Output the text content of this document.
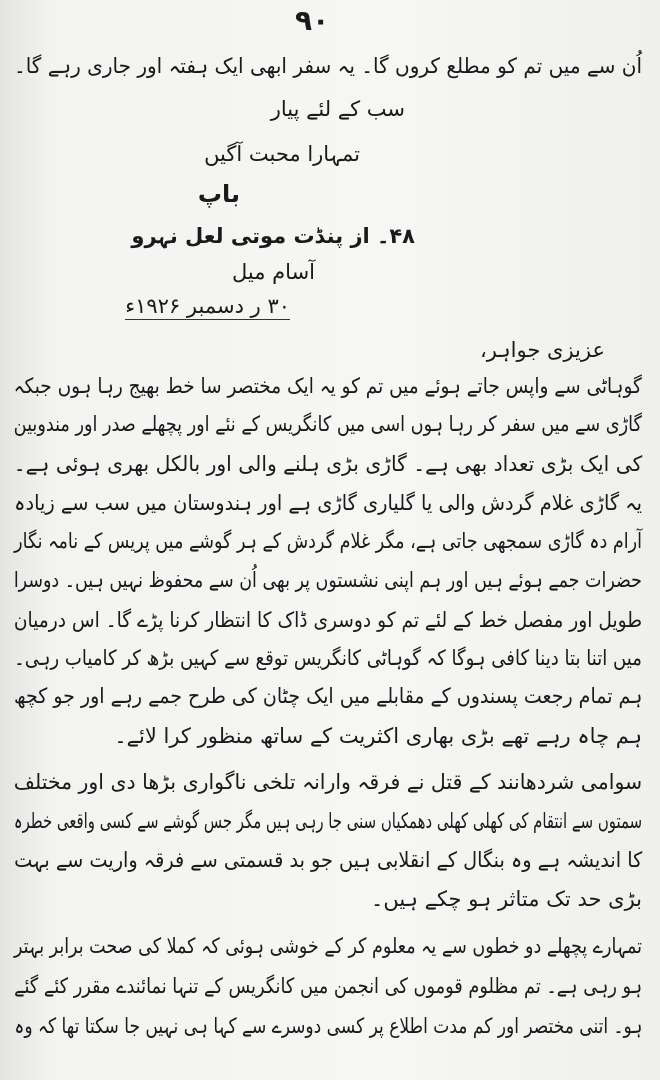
۹۰
اُن سے میں تم کو مطلع کروں گا۔ یہ سفر ابھی ایک ہفتہ اور جاری رہے گا۔
سب کے لئے پیار
تمہارا محبت آگیں
باپ
۴۸۔ از پنڈت موتی لعل نہرو
آسام میل
۳۰ ر دسمبر ۱۹۲۶ء
عزیزی جواہر،
گوہاٹی سے واپس جاتے ہوئے میں تم کو یہ ایک مختصر سا خط بھیج رہا ہوں جبکہ
گاڑی سے میں سفر کر رہا ہوں اسی میں کانگریس کے نئے اور پچھلے صدر اور مندوبین
کی ایک بڑی تعداد بھی ہے۔ گاڑی بڑی ہلنے والی اور بالکل بھری ہوئی ہے۔
یہ گاڑی غلام گردش والی یا گلیاری گاڑی ہے اور ہندوستان میں سب سے زیادہ
آرام دہ گاڑی سمجھی جاتی ہے، مگر غلام گردش کے ہر گوشے میں پریس کے نامہ نگار
حضرات جمے ہوئے ہیں اور ہم اپنی نشستوں پر بھی اُن سے محفوظ نہیں ہیں۔ دوسرا
طویل اور مفصل خط کے لئے تم کو دوسری ڈاک کا انتظار کرنا پڑے گا۔ اس درمیان
میں اتنا بتا دینا کافی ہوگا کہ گوہاٹی کانگریس توقع سے کہیں بڑھ کر کامیاب رہی۔
ہم تمام رجعت پسندوں کے مقابلے میں ایک چٹان کی طرح جمے رہے اور جو کچھ
ہم چاہ رہے تھے بڑی بھاری اکثریت کے ساتھ منظور کرا لائے۔
سوامی شردھانند کے قتل نے فرقہ وارانہ تلخی ناگواری بڑھا دی اور مختلف
سمتوں سے انتقام کی کھلی کھلی دھمکیاں سنی جا رہی ہیں مگر جس گوشے سے کسی واقعی خطرہ
کا اندیشہ ہے وہ بنگال کے انقلابی ہیں جو بد قسمتی سے فرقہ واریت سے بہت
بڑی حد تک متاثر ہو چکے ہیں۔
تمہارے پچھلے دو خطوں سے یہ معلوم کر کے خوشی ہوئی کہ کملا کی صحت برابر بہتر
ہو رہی ہے۔ تم مظلوم قوموں کی انجمن میں کانگریس کے تنہا نمائندے مقرر کئے گئے
ہو۔ اتنی مختصر اور کم مدت اطلاع پر کسی دوسرے سے کہا ہی نہیں جا سکتا تھا کہ وہ
